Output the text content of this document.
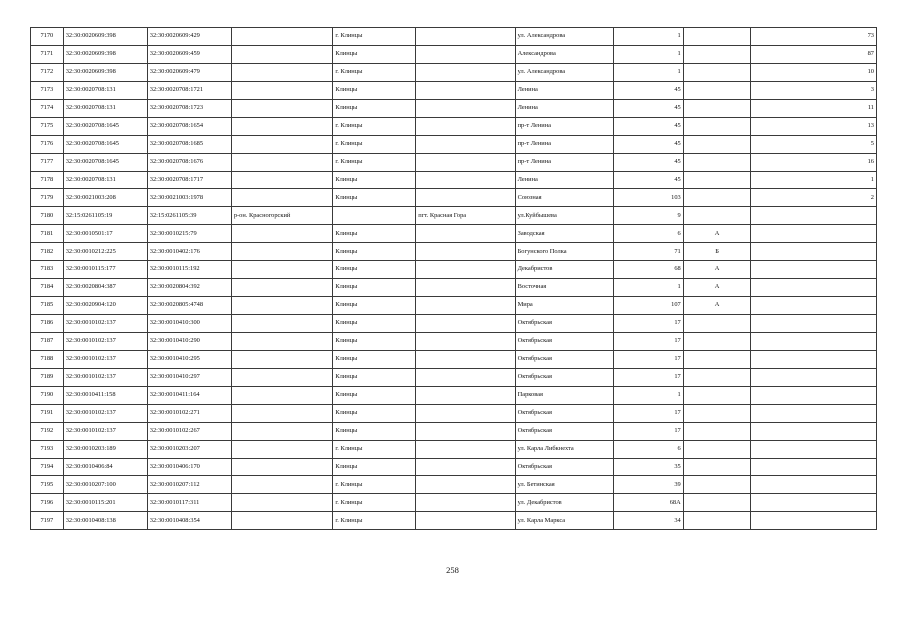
7170	32:30:0020609:398	32:30:0020609:429		г. Клинцы		ул. Александрова	1		73
7171	32:30:0020609:398	32:30:0020609:459		Клинцы		Александрова	1		87
7172	32:30:0020609:398	32:30:0020609:479		г. Клинцы		ул. Александрова	1		10
7173	32:30:0020708:131	32:30:0020708:1721		Клинцы		Ленина	45		3
7174	32:30:0020708:131	32:30:0020708:1723		Клинцы		Ленина	45		11
7175	32:30:0020708:1645	32:30:0020708:1654		г. Клинцы		пр-т Ленина	45		13
7176	32:30:0020708:1645	32:30:0020708:1685		г. Клинцы		пр-т Ленина	45		5
7177	32:30:0020708:1645	32:30:0020708:1676		г. Клинцы		пр-т Ленина	45		16
7178	32:30:0020708:131	32:30:0020708:1717		Клинцы		Ленина	45		1
7179	32:30:0021003:208	32:30:0021003:1978		Клинцы		Союзная	103		2
7180	32:15:0261105:19	32:15:0261105:39	р-он. Красногорский		пгт. Красная Гора	ул.Куйбышева	9		
7181	32:30:0010501:17	32:30:0010215:79		Клинцы		Заводская	6	А	
7182	32:30:0010212:225	32:30:0010402:176		Клинцы		Богунского Полка	71	Б	
7183	32:30:0010115:177	32:30:0010115:192		Клинцы		Декабристов	68	А	
7184	32:30:0020804:387	32:30:0020804:392		Клинцы		Восточная	1	А	
7185	32:30:0020904:120	32:30:0020805:4748		Клинцы		Мира	107	А	
7186	32:30:0010102:137	32:30:0010410:300		Клинцы		Октябрьская	17		
7187	32:30:0010102:137	32:30:0010410:290		Клинцы		Октябрьская	17		
7188	32:30:0010102:137	32:30:0010410:295		Клинцы		Октябрьская	17		
7189	32:30:0010102:137	32:30:0010410:297		Клинцы		Октябрьская	17		
7190	32:30:0010411:158	32:30:0010411:164		Клинцы		Парковая	1		
7191	32:30:0010102:137	32:30:0010102:271		Клинцы		Октябрьская	17		
7192	32:30:0010102:137	32:30:0010102:267		Клинцы		Октябрьская	17		
7193	32:30:0010203:189	32:30:0010203:207		г. Клинцы		ул. Карла Либкнехта	6		
7194	32:30:0010406:84	32:30:0010406:170		Клинцы		Октябрьская	35		
7195	32:30:0010207:100	32:30:0010207:112		г. Клинцы		ул. Бетинская	39		
7196	32:30:0010115:201	32:30:0010117:311		г. Клинцы		ул. Декабристов	68А		
7197	32:30:0010408:138	32:30:0010408:354		г. Клинцы		ул. Карла Маркса	34		
258
